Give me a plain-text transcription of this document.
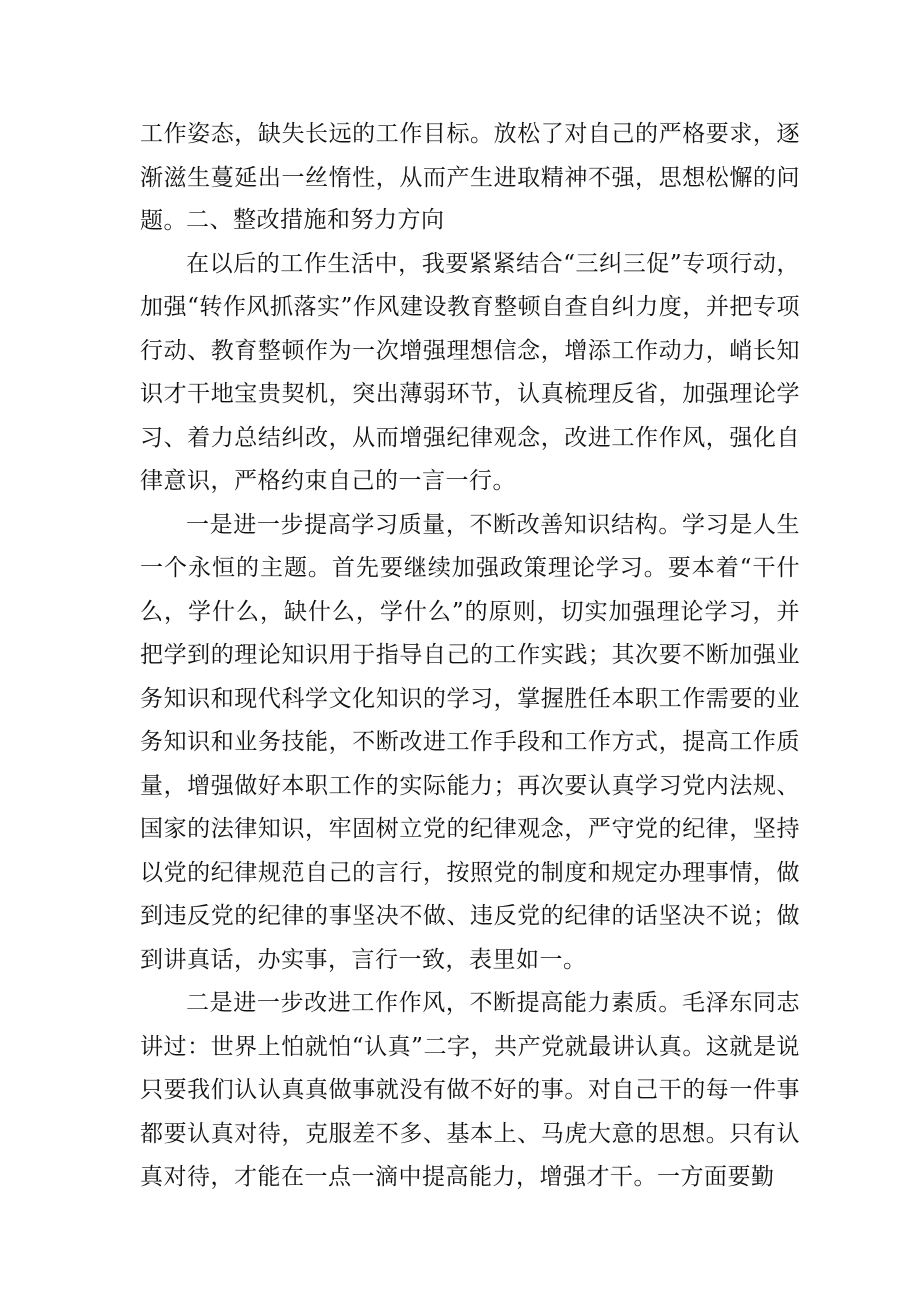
工作姿态，缺失长远的工作目标。放松了对自己的严格要求，逐渐滋生蔓延出一丝惰性，从而产生进取精神不强，思想松懈的问题。 二、整改措施和努力方向

在以后的工作生活中，我要紧紧结合“三纠三促”专项行动，加强“转作风抓落实”作风建设教育整顿自查自纠力度，并把专项行动、教育整顿作为一次增强理想信念，增添工作动力，峭长知识才干地宝贵契机，突出薄弱环节，认真梳理反省，加强理论学习、着力总结纠改，从而增强纪律观念，改进工作作风，强化自律意识，严格约束自己的一言一行。

一是进一步提高学习质量，不断改善知识结构。学习是人生一个永恒的主题。首先要继续加强政策理论学习。要本着“干什么，学什么，缺什么，学什么”的原则，切实加强理论学习，并把学到的理论知识用于指导自己的工作实践；其次要不断加强业务知识和现代科学文化知识的学习，掌握胜任本职工作需要的业务知识和业务技能，不断改进工作手段和工作方式，提高工作质量，增强做好本职工作的实际能力；再次要认真学习党内法规、国家的法律知识，牢固树立党的纪律观念，严守党的纪律，坚持以党的纪律规范自己的言行，按照党的制度和规定办理事情，做到违反党的纪律的事坚决不做、违反党的纪律的话坚决不说；做到讲真话，办实事，言行一致，表里如一。

二是进一步改进工作作风，不断提高能力素质。毛泽东同志讲过：世界上怕就怕“认真”二字，共产党就最讲认真。这就是说只要我们认认真真做事就没有做不好的事。对自己干的每一件事都要认真对待，克服差不多、基本上、马虎大意的思想。只有认真对待，才能在一点一滴中提高能力，增强才干。一方面要勤
